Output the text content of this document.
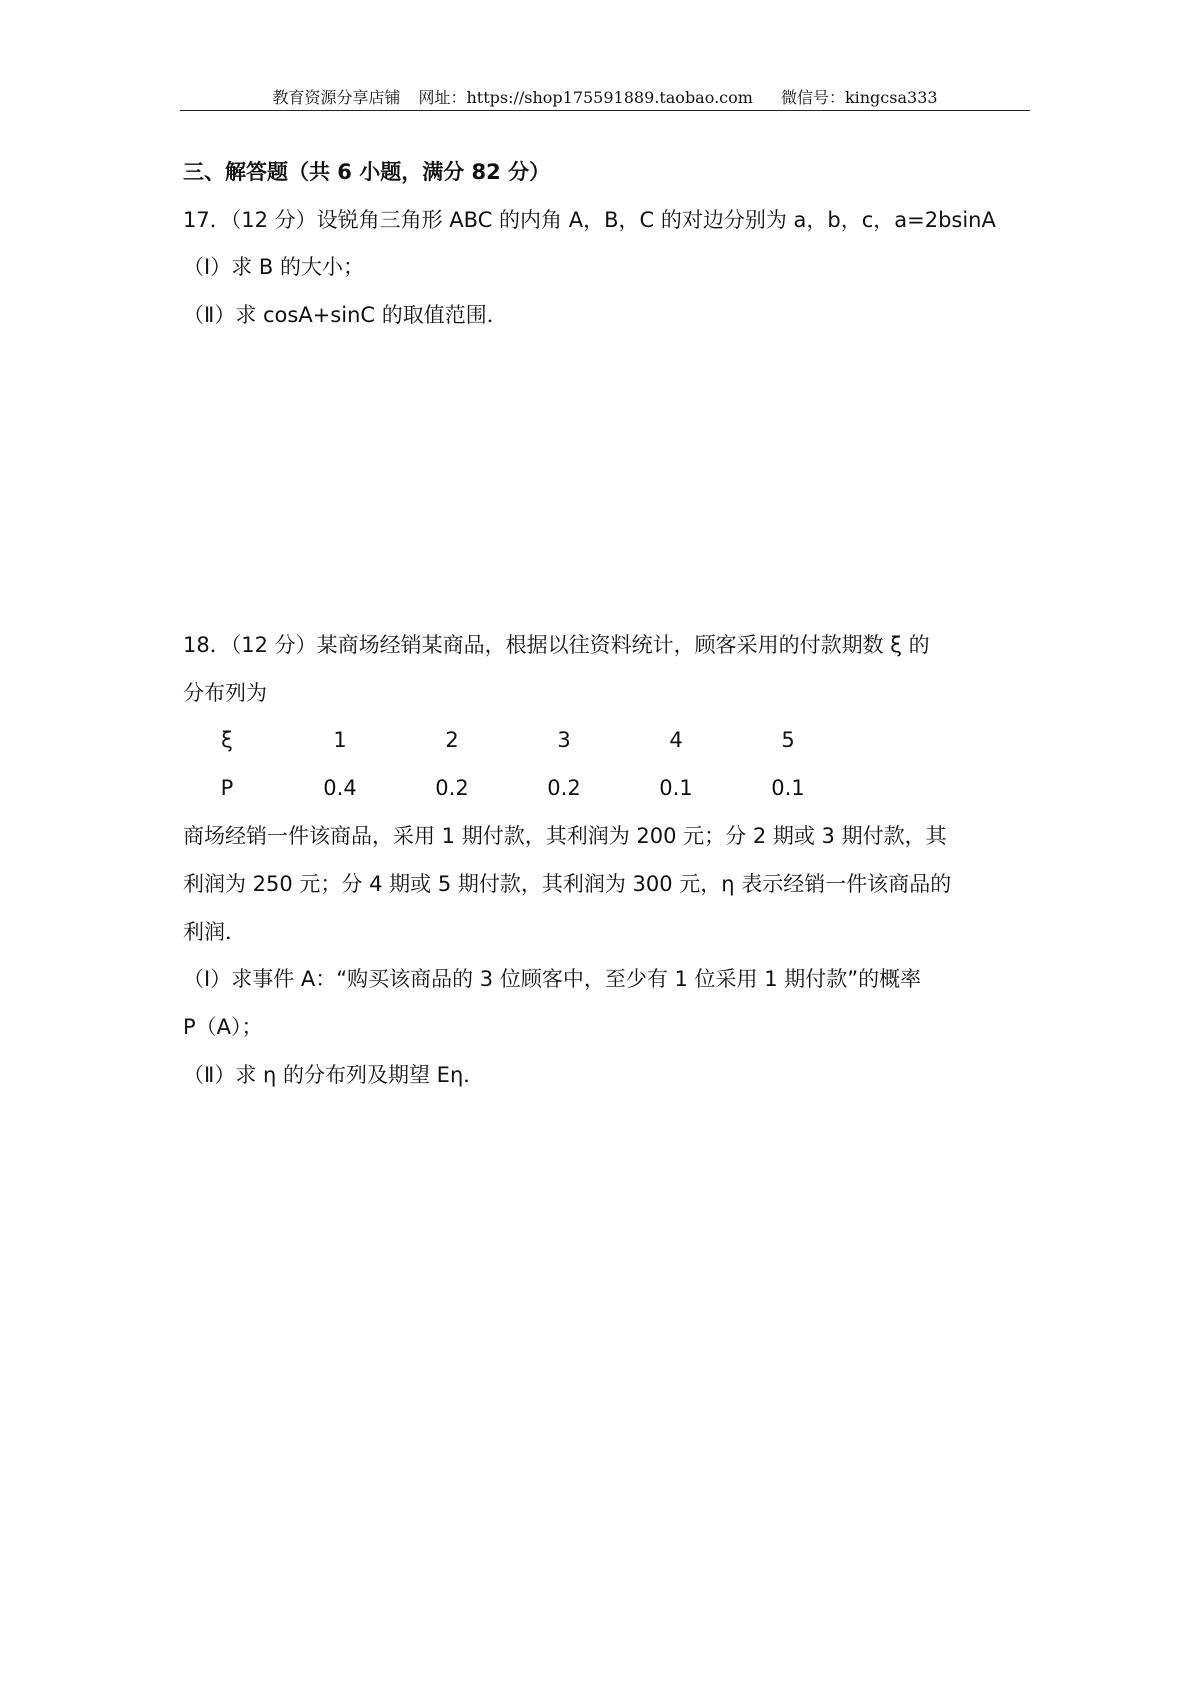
教育资源分享店铺 网址：https://shop175591889.taobao.com 微信号：kingcsa333
三、解答题（共 6 小题，满分 82 分）
17．（12 分）设锐角三角形 ABC 的内角 A，B，C 的对边分别为 a，b，c，a=2bsinA
（Ⅰ）求 B 的大小；
（Ⅱ）求 cosA+sinC 的取值范围．
18．（12 分）某商场经销某商品，根据以往资料统计，顾客采用的付款期数 ξ 的
分布列为
ξ	1	2	3	4	5
P	0.4	0.2	0.2	0.1	0.1
商场经销一件该商品，采用 1 期付款，其利润为 200 元；分 2 期或 3 期付款，其
利润为 250 元；分 4 期或 5 期付款，其利润为 300 元，η 表示经销一件该商品的
利润．
（Ⅰ）求事件 A：“购买该商品的 3 位顾客中，至少有 1 位采用 1 期付款”的概率
P（A）；
（Ⅱ）求 η 的分布列及期望 Eη．
